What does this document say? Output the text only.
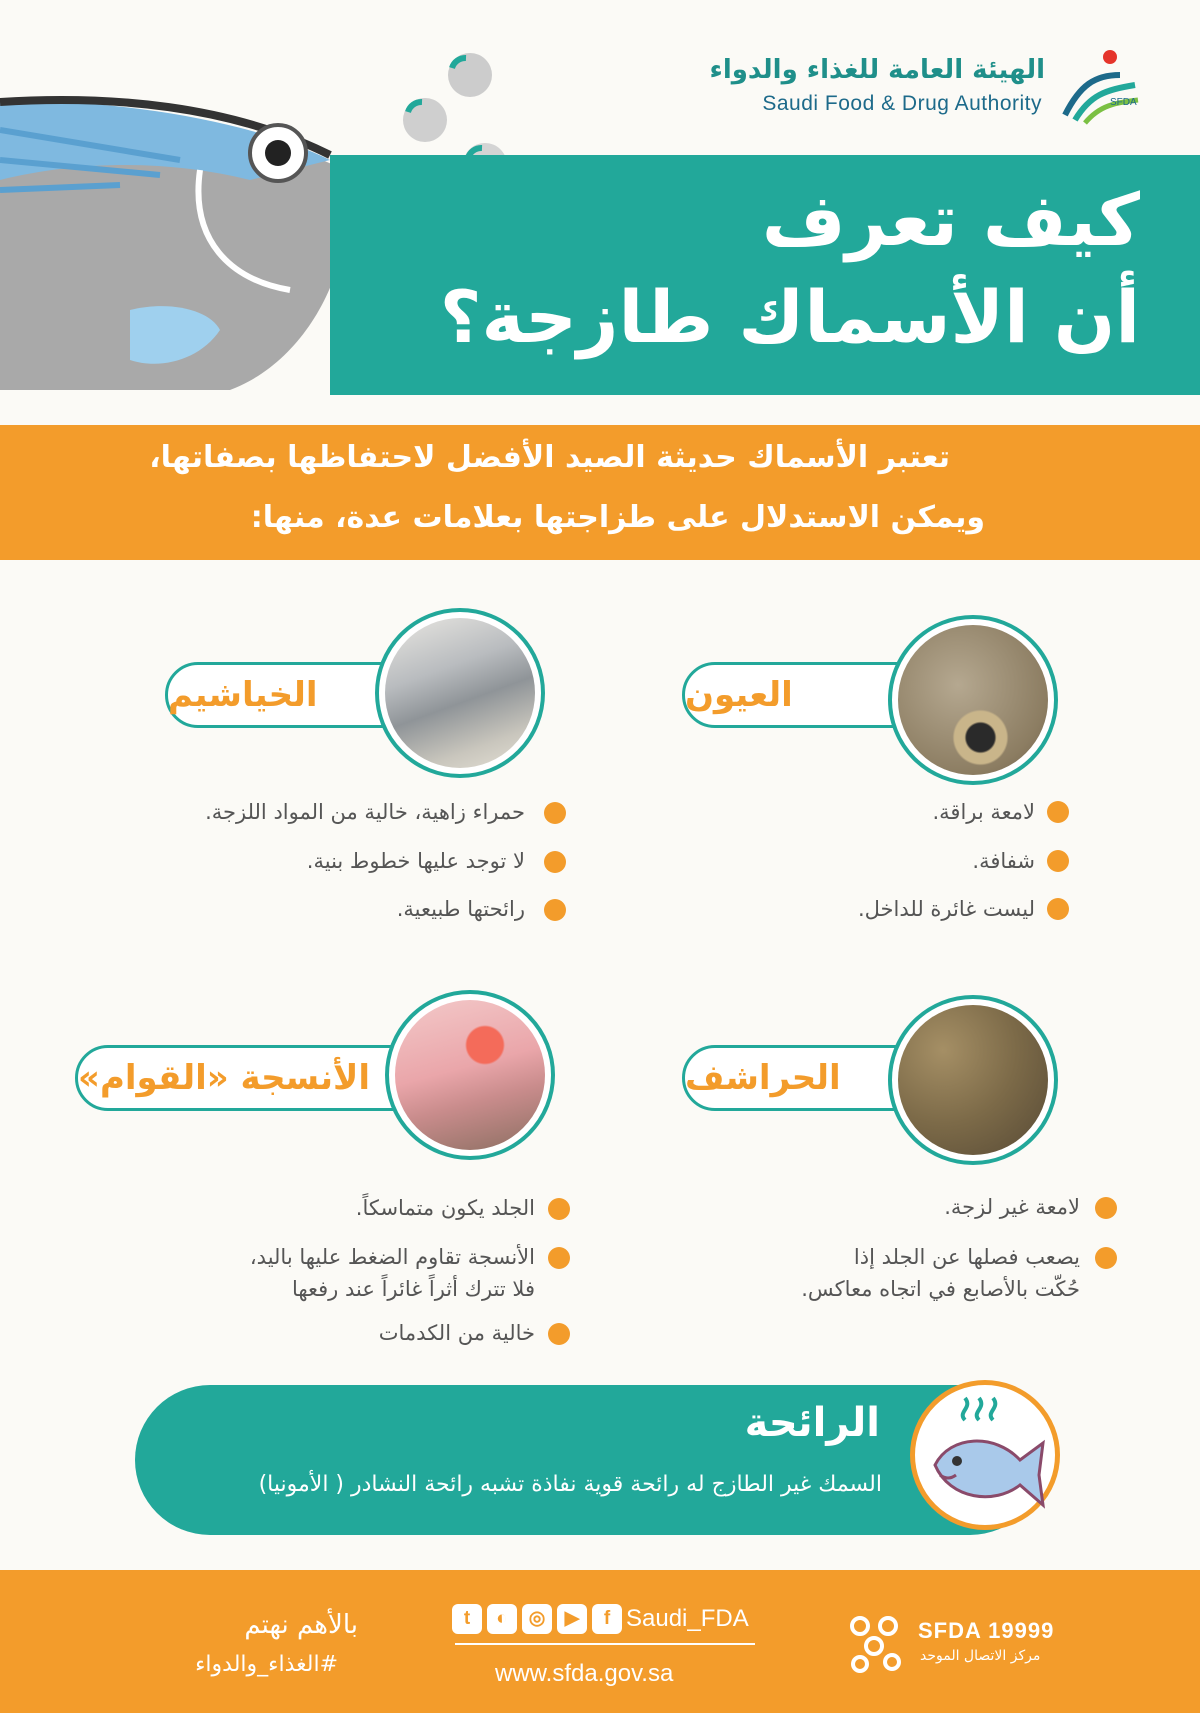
SFDA
الهيئة العامة للغذاء والدواء
Saudi Food & Drug Authority
كيف تعرف
أن الأسماك طازجة؟
تعتبر الأسماك حديثة الصيد الأفضل لاحتفاظها بصفاتها،
ويمكن الاستدلال على طزاجتها بعلامات عدة، منها:
العيون
لامعة براقة.
شفافة.
ليست غائرة للداخل.
الخياشيم
حمراء زاهية، خالية من المواد اللزجة.
لا توجد عليها خطوط بنية.
رائحتها طبيعية.
الحراشف
لامعة غير لزجة.
يصعب فصلها عن الجلد إذا
حُكّت بالأصابع في اتجاه معاكس.
الأنسجة «القوام»
الجلد يكون متماسكاً.
الأنسجة تقاوم الضغط عليها باليد،
فلا تترك أثراً غائراً عند رفعها
خالية من الكدمات
الرائحة
السمك غير الطازج له رائحة قوية نفاذة تشبه رائحة النشادر ( الأمونيا)
بالأهم نهتم
#الغذاء_والدواء
t	◐	◎	▶	f Saudi_FDA
www.sfda.gov.sa
SFDA 19999
مركز الاتصال الموحد
